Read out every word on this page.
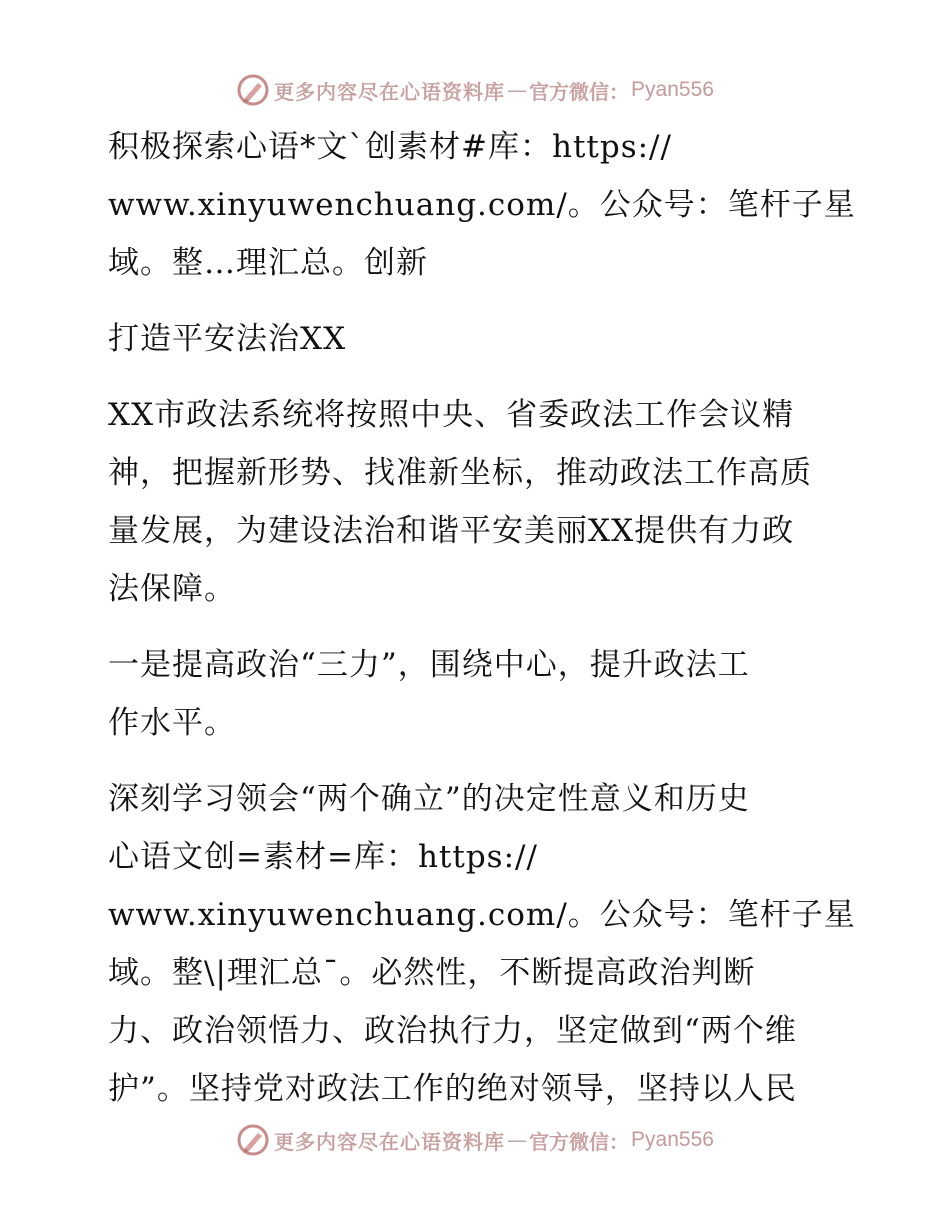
更多内容尽在心语资料库 — 官方微信： Pyan556
积极探索心语*文`创素材#库：https://
www.xinyuwenchuang.com/。公众号：笔杆子星
域。整…理汇总。创新
打造平安法治XX
XX市政法系统将按照中央、省委政法工作会议精
神，把握新形势、找准新坐标，推动政法工作高质
量发展，为建设法治和谐平安美丽XX提供有力政
法保障。
一是提高政治“三力”，围绕中心，提升政法工
作水平。
深刻学习领会“两个确立”的决定性意义和历史
心语文创=素材=库：https://
www.xinyuwenchuang.com/。公众号：笔杆子星
域。整\|理汇总¯。必然性，不断提高政治判断
力、政治领悟力、政治执行力，坚定做到“两个维
护”。坚持党对政法工作的绝对领导，坚持以人民
更多内容尽在心语资料库 — 官方微信： Pyan556
